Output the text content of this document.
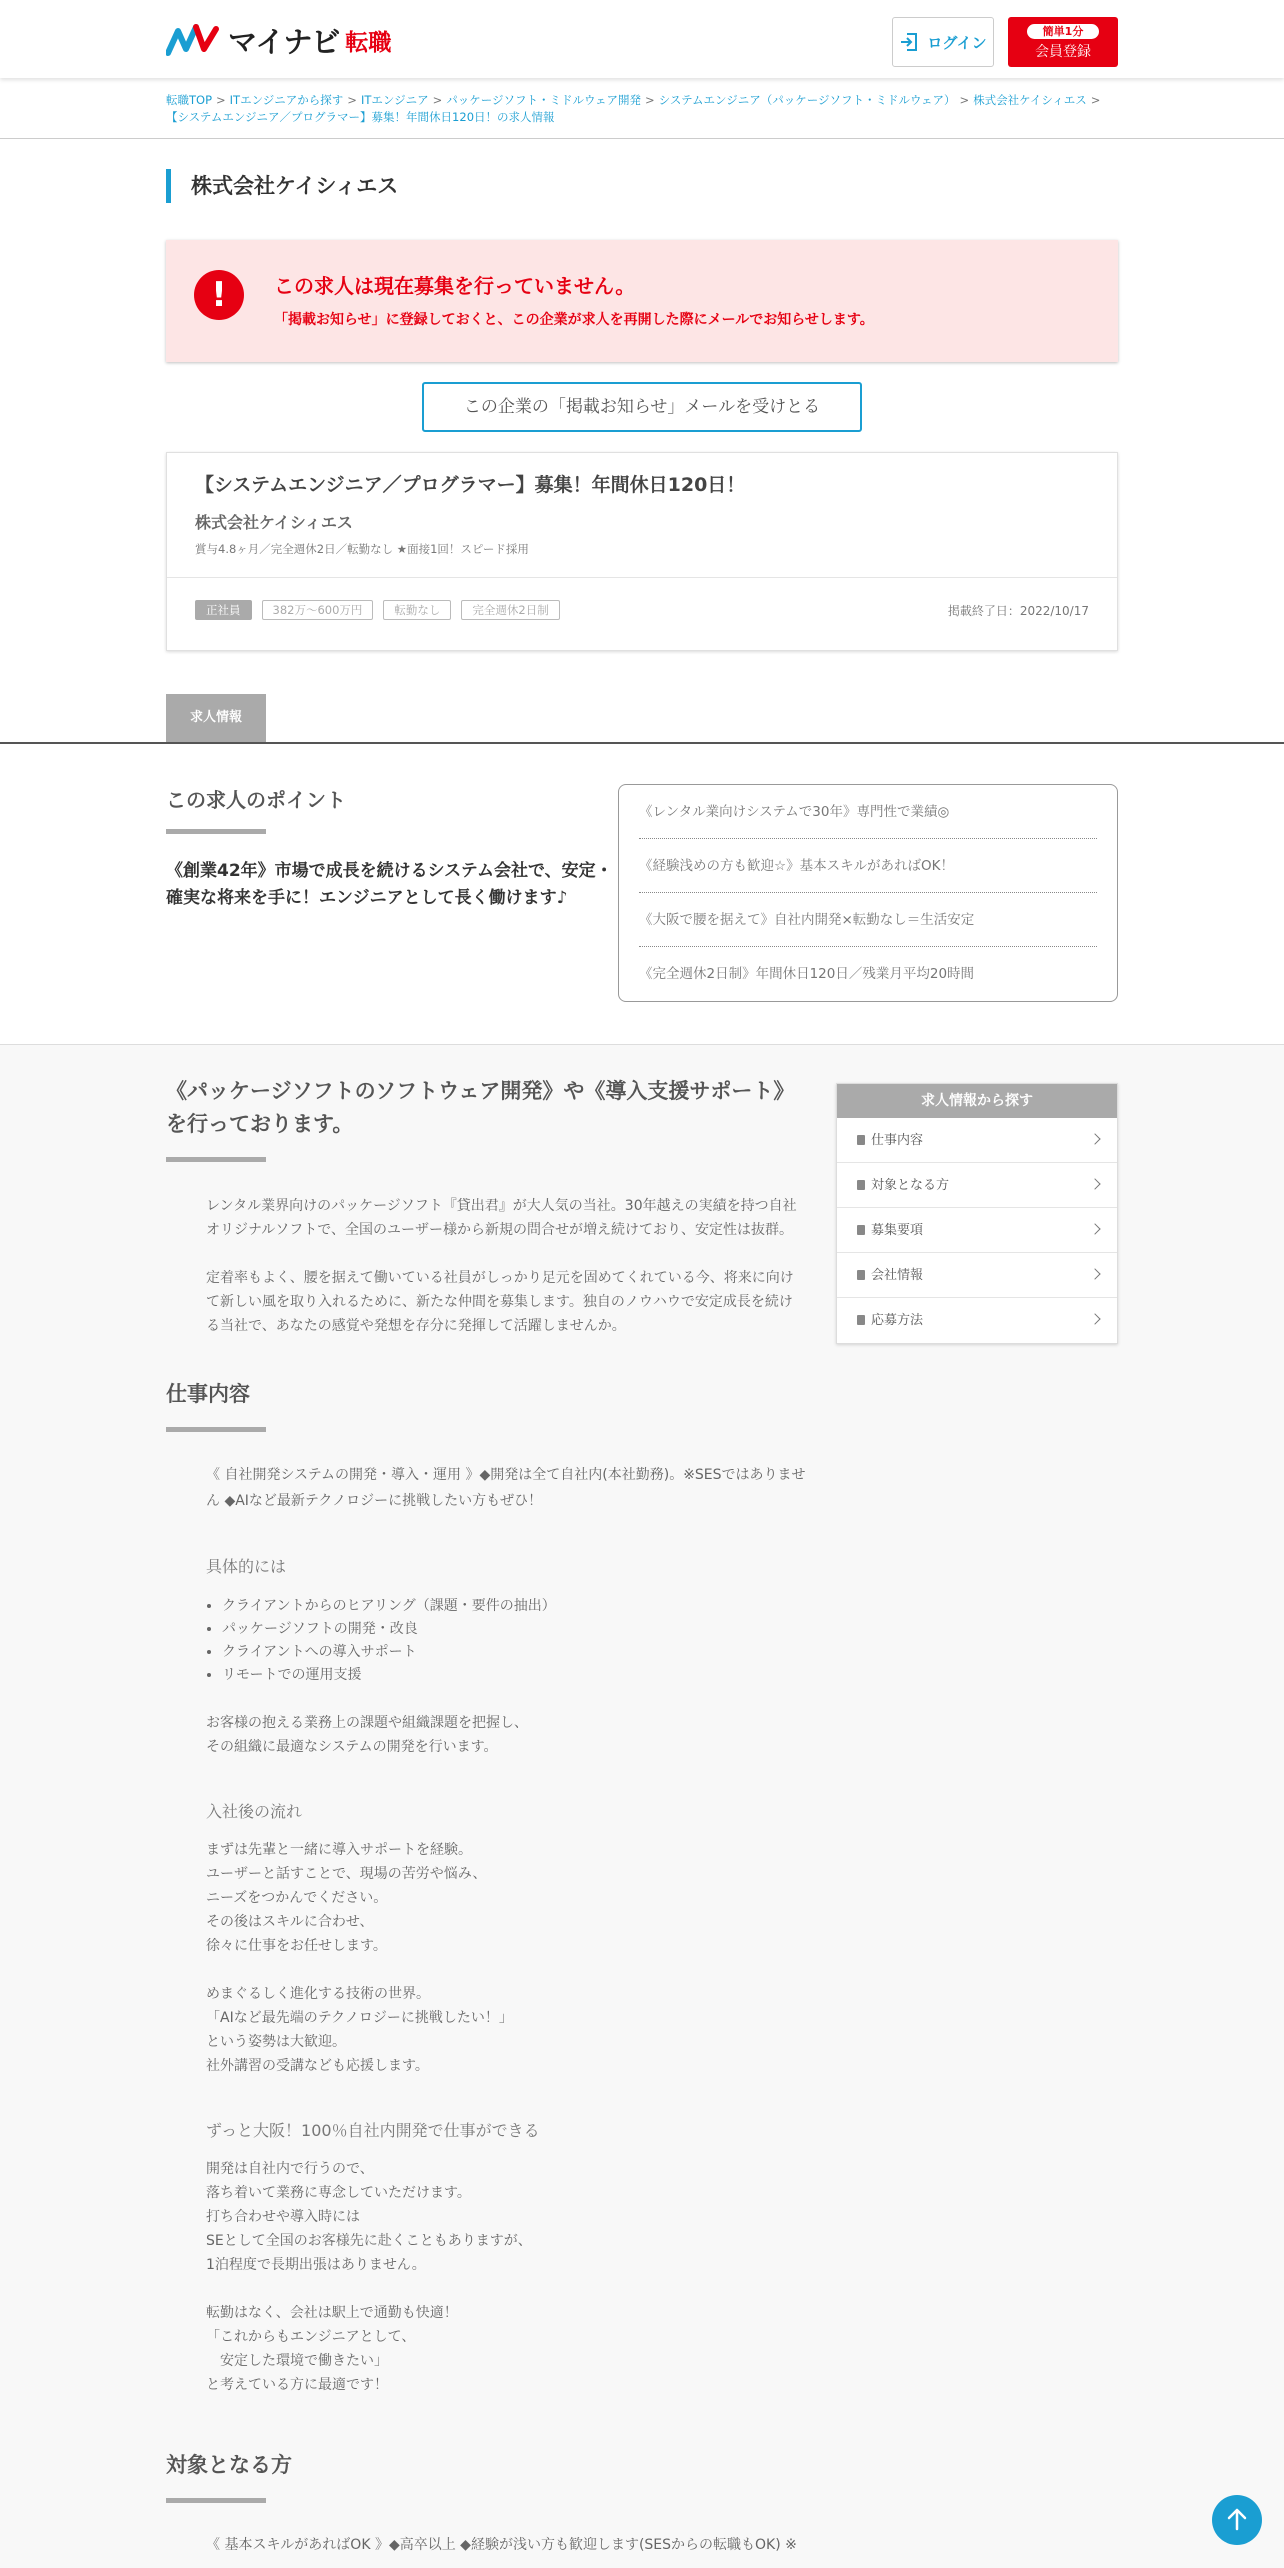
マイナビ 転職	ログイン
簡単1分
会員登録
転職TOP > ITエンジニアから探す > ITエンジニア > パッケージソフト・ミドルウェア開発 > システムエンジニア（パッケージソフト・ミドルウェア） > 株式会社ケイシィエス >【システムエンジニア／プログラマー】募集！年間休日120日！の求人情報
株式会社ケイシィエス
!	この求人は現在募集を行っていません。
「掲載お知らせ」に登録しておくと、この企業が求人を再開した際にメールでお知らせします。
この企業の「掲載お知らせ」メールを受けとる
【システムエンジニア／プログラマー】募集！年間休日120日！
株式会社ケイシィエス
賞与4.8ヶ月／完全週休2日／転勤なし ★面接1回！スピード採用
正社員	382万～600万円	転勤なし	完全週休2日制	掲載終了日：2022/10/17
求人情報
この求人のポイント
《創業42年》市場で成長を続けるシステム会社で、安定・確実な将来を手に！エンジニアとして長く働けます♪
《レンタル業向けシステムで30年》専門性で業績◎
《経験浅めの方も歓迎☆》基本スキルがあればOK！
《大阪で腰を据えて》自社内開発×転勤なし＝生活安定
《完全週休2日制》年間休日120日／残業月平均20時間
《パッケージソフトのソフトウェア開発》や《導入支援サポート》を行っております。

レンタル業界向けのパッケージソフト『貸出君』が大人気の当社。30年越えの実績を持つ自社オリジナルソフトで、全国のユーザー様から新規の問合せが増え続けており、安定性は抜群。

定着率もよく、腰を据えて働いている社員がしっかり足元を固めてくれている今、将来に向けて新しい風を取り入れるために、新たな仲間を募集します。独自のノウハウで安定成長を続ける当社で、あなたの感覚や発想を存分に発揮して活躍しませんか。

仕事内容
《 自社開発システムの開発・導入・運用 》◆開発は全て自社内(本社勤務)。※SESではありません ◆AIなど最新テクノロジーに挑戦したい方もぜひ！
具体的には
• クライアントからのヒアリング（課題・要件の抽出）
• パッケージソフトの開発・改良
• クライアントへの導入サポート
• リモートでの運用支援
お客様の抱える業務上の課題や組織課題を把握し、
その組織に最適なシステムの開発を行います。
入社後の流れ
まずは先輩と一緒に導入サポートを経験。
ユーザーと話すことで、現場の苦労や悩み、
ニーズをつかんでください。
その後はスキルに合わせ、
徐々に仕事をお任せします。
めまぐるしく進化する技術の世界。
「AIなど最先端のテクノロジーに挑戦したい！」
という姿勢は大歓迎。
社外講習の受講なども応援します。
ずっと大阪！100％自社内開発で仕事ができる
開発は自社内で行うので、
落ち着いて業務に専念していただけます。
打ち合わせや導入時には
SEとして全国のお客様先に赴くこともありますが、
1泊程度で長期出張はありません。
転勤はなく、会社は駅上で通勤も快適！
「これからもエンジニアとして、
　安定した環境で働きたい」
と考えている方に最適です！
対象となる方
《 基本スキルがあればOK 》◆高卒以上 ◆経験が浅い方も歓迎します(SESからの転職もOK) ※
求人情報から探す
仕事内容
対象となる方
募集要項
会社情報
応募方法
